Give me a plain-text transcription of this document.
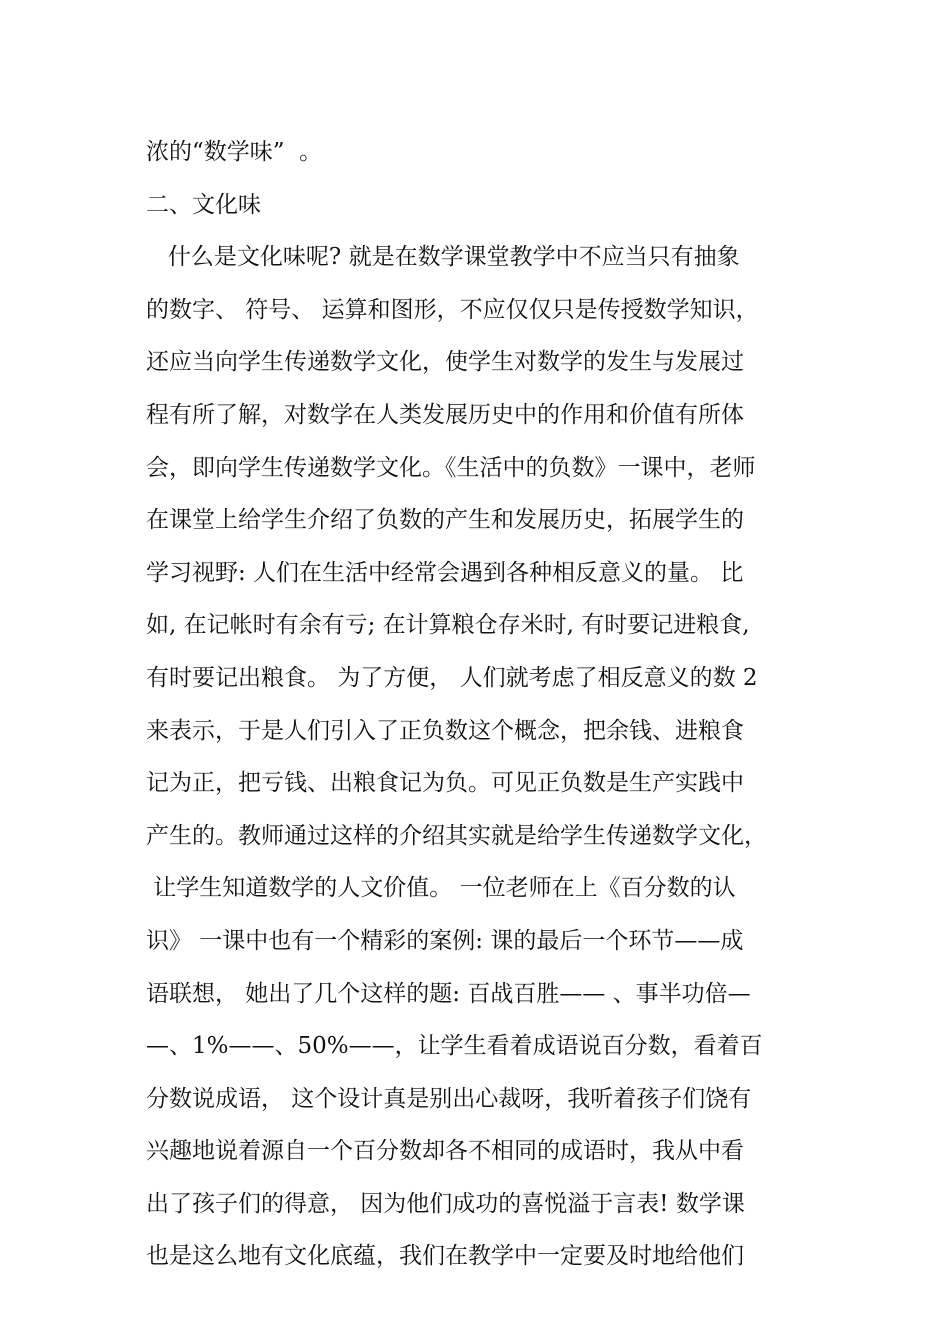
浓的“数学味”  。
二、文化味
什么是文化味呢? 就是在数学课堂教学中不应当只有抽象
的数字、 符号、 运算和图形，不应仅仅只是传授数学知识，
还应当向学生传递数学文化，使学生对数学的发生与发展过
程有所了解，对数学在人类发展历史中的作用和价值有所体
会，即向学生传递数学文化。《生活中的负数》一课中，老师
在课堂上给学生介绍了负数的产生和发展历史，拓展学生的
学习视野: 人们在生活中经常会遇到各种相反意义的量。 比
如, 在记帐时有余有亏; 在计算粮仓存米时, 有时要记进粮食,
有时要记出粮食。 为了方便， 人们就考虑了相反意义的数 2
来表示，于是人们引入了正负数这个概念，把余钱、进粮食
记为正，把亏钱、出粮食记为负。可见正负数是生产实践中
产生的。教师通过这样的介绍其实就是给学生传递数学文化，
让学生知道数学的人文价值。 一位老师在上《百分数的认
识》 一课中也有一个精彩的案例: 课的最后一个环节——成
语联想， 她出了几个这样的题: 百战百胜—— 、事半功倍—
—、1%——、50%——，让学生看着成语说百分数，看着百
分数说成语， 这个设计真是别出心裁呀，我听着孩子们饶有
兴趣地说着源自一个百分数却各不相同的成语时，我从中看
出了孩子们的得意， 因为他们成功的喜悦溢于言表! 数学课
也是这么地有文化底蕴，我们在教学中一定要及时地给他们
